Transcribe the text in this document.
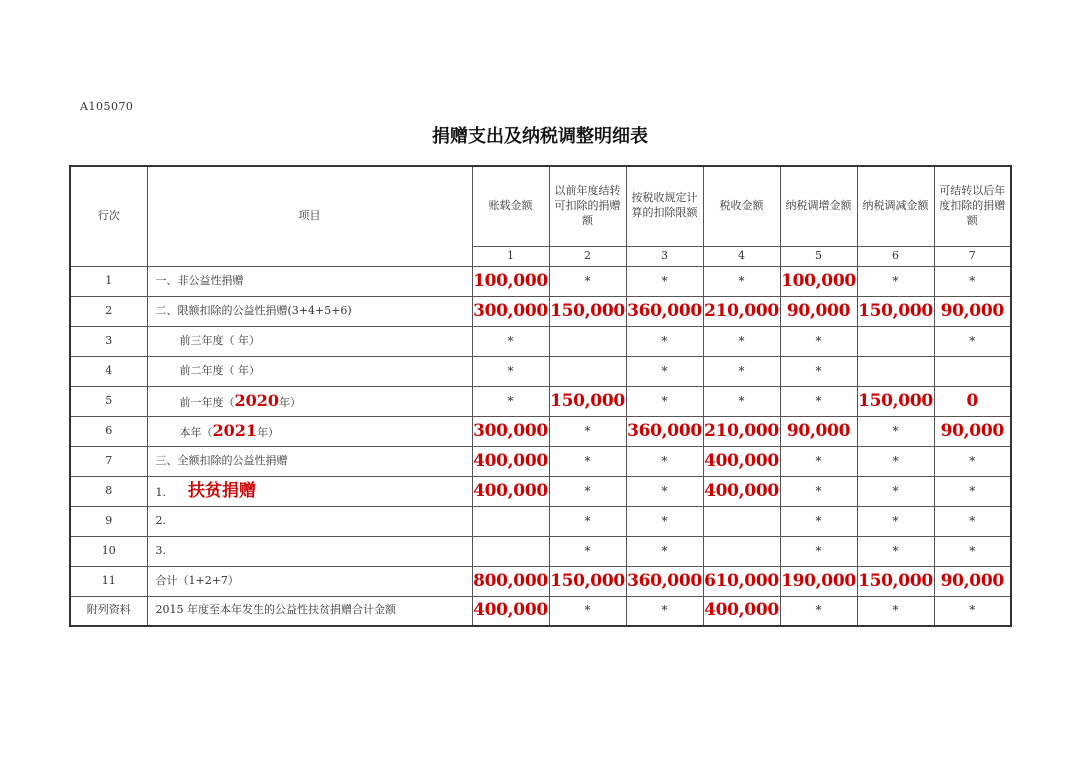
A105070
捐赠支出及纳税调整明细表
行次	项目	账载金额	以前年度结转可扣除的捐赠额	按税收规定计算的扣除限额	税收金额	纳税调增金额	纳税调减金额	可结转以后年度扣除的捐赠额
		1	2	3	4	5	6	7
1	一、非公益性捐赠	100,000	*	*	*	100,000	*	*
2	二、限额扣除的公益性捐赠(3+4+5+6)	300,000	150,000	360,000	210,000	90,000	150,000	90,000
3	前三年度（ 年）	*		*	*	*		*
4	前二年度（ 年）	*		*	*	*		
5	前一年度（2020年）	*	150,000	*	*	*	150,000	0
6	本年（2021年）	300,000	*	360,000	210,000	90,000	*	90,000
7	三、全额扣除的公益性捐赠	400,000	*	*	400,000	*	*	*
8	1. 扶贫捐赠	400,000	*	*	400,000	*	*	*
9	2.		*	*		*	*	*
10	3.		*	*		*	*	*
11	合计（1+2+7）	800,000	150,000	360,000	610,000	190,000	150,000	90,000
附列资料	2015 年度至本年发生的公益性扶贫捐赠合计金额	400,000	*	*	400,000	*	*	*
